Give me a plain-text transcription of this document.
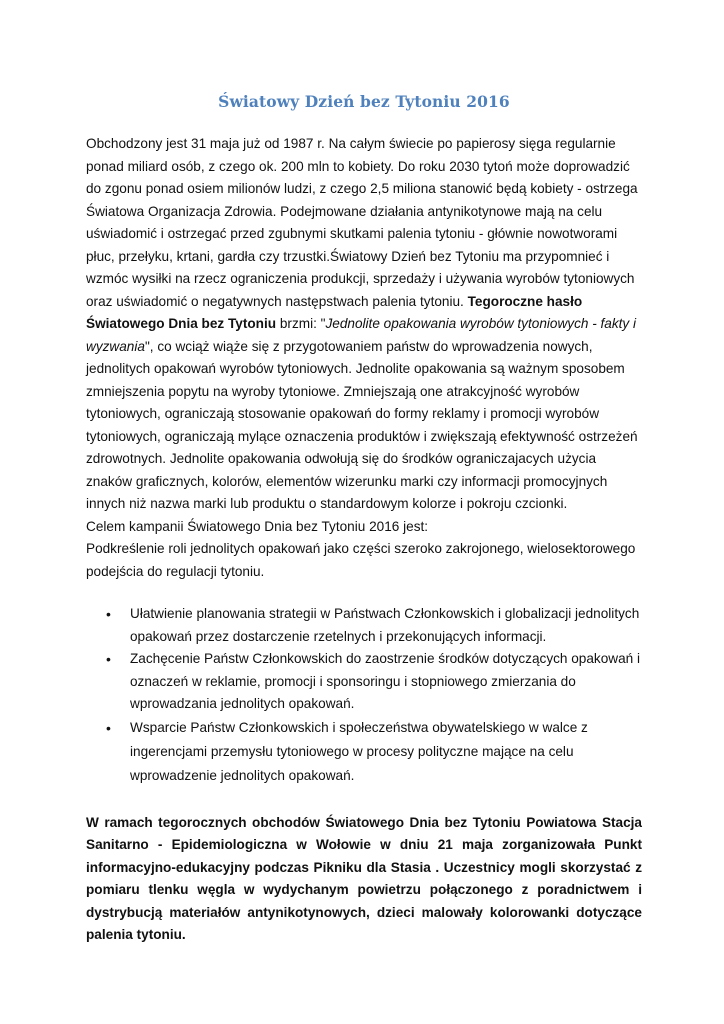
Światowy Dzień bez Tytoniu 2016

Obchodzony jest 31 maja już od 1987 r. Na całym świecie po papierosy sięga regularnie ponad miliard osób, z czego ok. 200 mln to kobiety. Do roku 2030 tytoń może doprowadzić do zgonu ponad osiem milionów ludzi, z czego 2,5 miliona stanowić będą kobiety - ostrzega Światowa Organizacja Zdrowia. Podejmowane działania antynikotynowe mają na celu uświadomić i ostrzegać przed zgubnymi skutkami palenia tytoniu - głównie nowotworami płuc, przełyku, krtani, gardła czy trzustki.Światowy Dzień bez Tytoniu ma przypomnieć i wzmóc wysiłki na rzecz ograniczenia produkcji, sprzedaży i używania wyrobów tytoniowych oraz uświadomić o negatywnych następstwach palenia tytoniu. Tegoroczne hasło Światowego Dnia bez Tytoniu brzmi: "Jednolite opakowania wyrobów tytoniowych - fakty i wyzwania", co wciąż wiąże się z przygotowaniem państw do wprowadzenia nowych, jednolitych opakowań wyrobów tytoniowych. Jednolite opakowania są ważnym sposobem zmniejszenia popytu na wyroby tytoniowe. Zmniejszają one atrakcyjność wyrobów tytoniowych, ograniczają stosowanie opakowań do formy reklamy i promocji wyrobów tytoniowych, ograniczają mylące oznaczenia produktów i zwiększają efektywność ostrzeżeń zdrowotnych. Jednolite opakowania odwołują się do środków ograniczajacych użycia znaków graficznych, kolorów, elementów wizerunku marki czy informacji promocyjnych innych niż nazwa marki lub produktu o standardowym kolorze i pokroju czcionki.
Celem kampanii Światowego Dnia bez Tytoniu 2016 jest:
Podkreślenie roli jednolitych opakowań jako części szeroko zakrojonego, wielosektorowego podejścia do regulacji tytoniu.

• Ułatwienie planowania strategii w Państwach Członkowskich i globalizacji jednolitych opakowań przez dostarczenie rzetelnych i przekonujących informacji.
• Zachęcenie Państw Członkowskich do zaostrzenie środków dotyczących opakowań i oznaczeń w reklamie, promocji i sponsoringu i stopniowego zmierzania do wprowadzania jednolitych opakowań.
• Wsparcie Państw Członkowskich i społeczeństwa obywatelskiego w walce z ingerencjami przemysłu tytoniowego w procesy polityczne mające na celu wprowadzenie jednolitych opakowań.

W ramach tegorocznych obchodów Światowego Dnia bez Tytoniu Powiatowa Stacja Sanitarno - Epidemiologiczna w Wołowie w dniu 21 maja zorganizowała Punkt informacyjno-edukacyjny podczas Pikniku dla Stasia . Uczestnicy mogli skorzystać z pomiaru tlenku węgla w wydychanym powietrzu połączonego z poradnictwem i dystrybucją materiałów antynikotynowych, dzieci malowały kolorowanki dotyczące palenia tytoniu.
